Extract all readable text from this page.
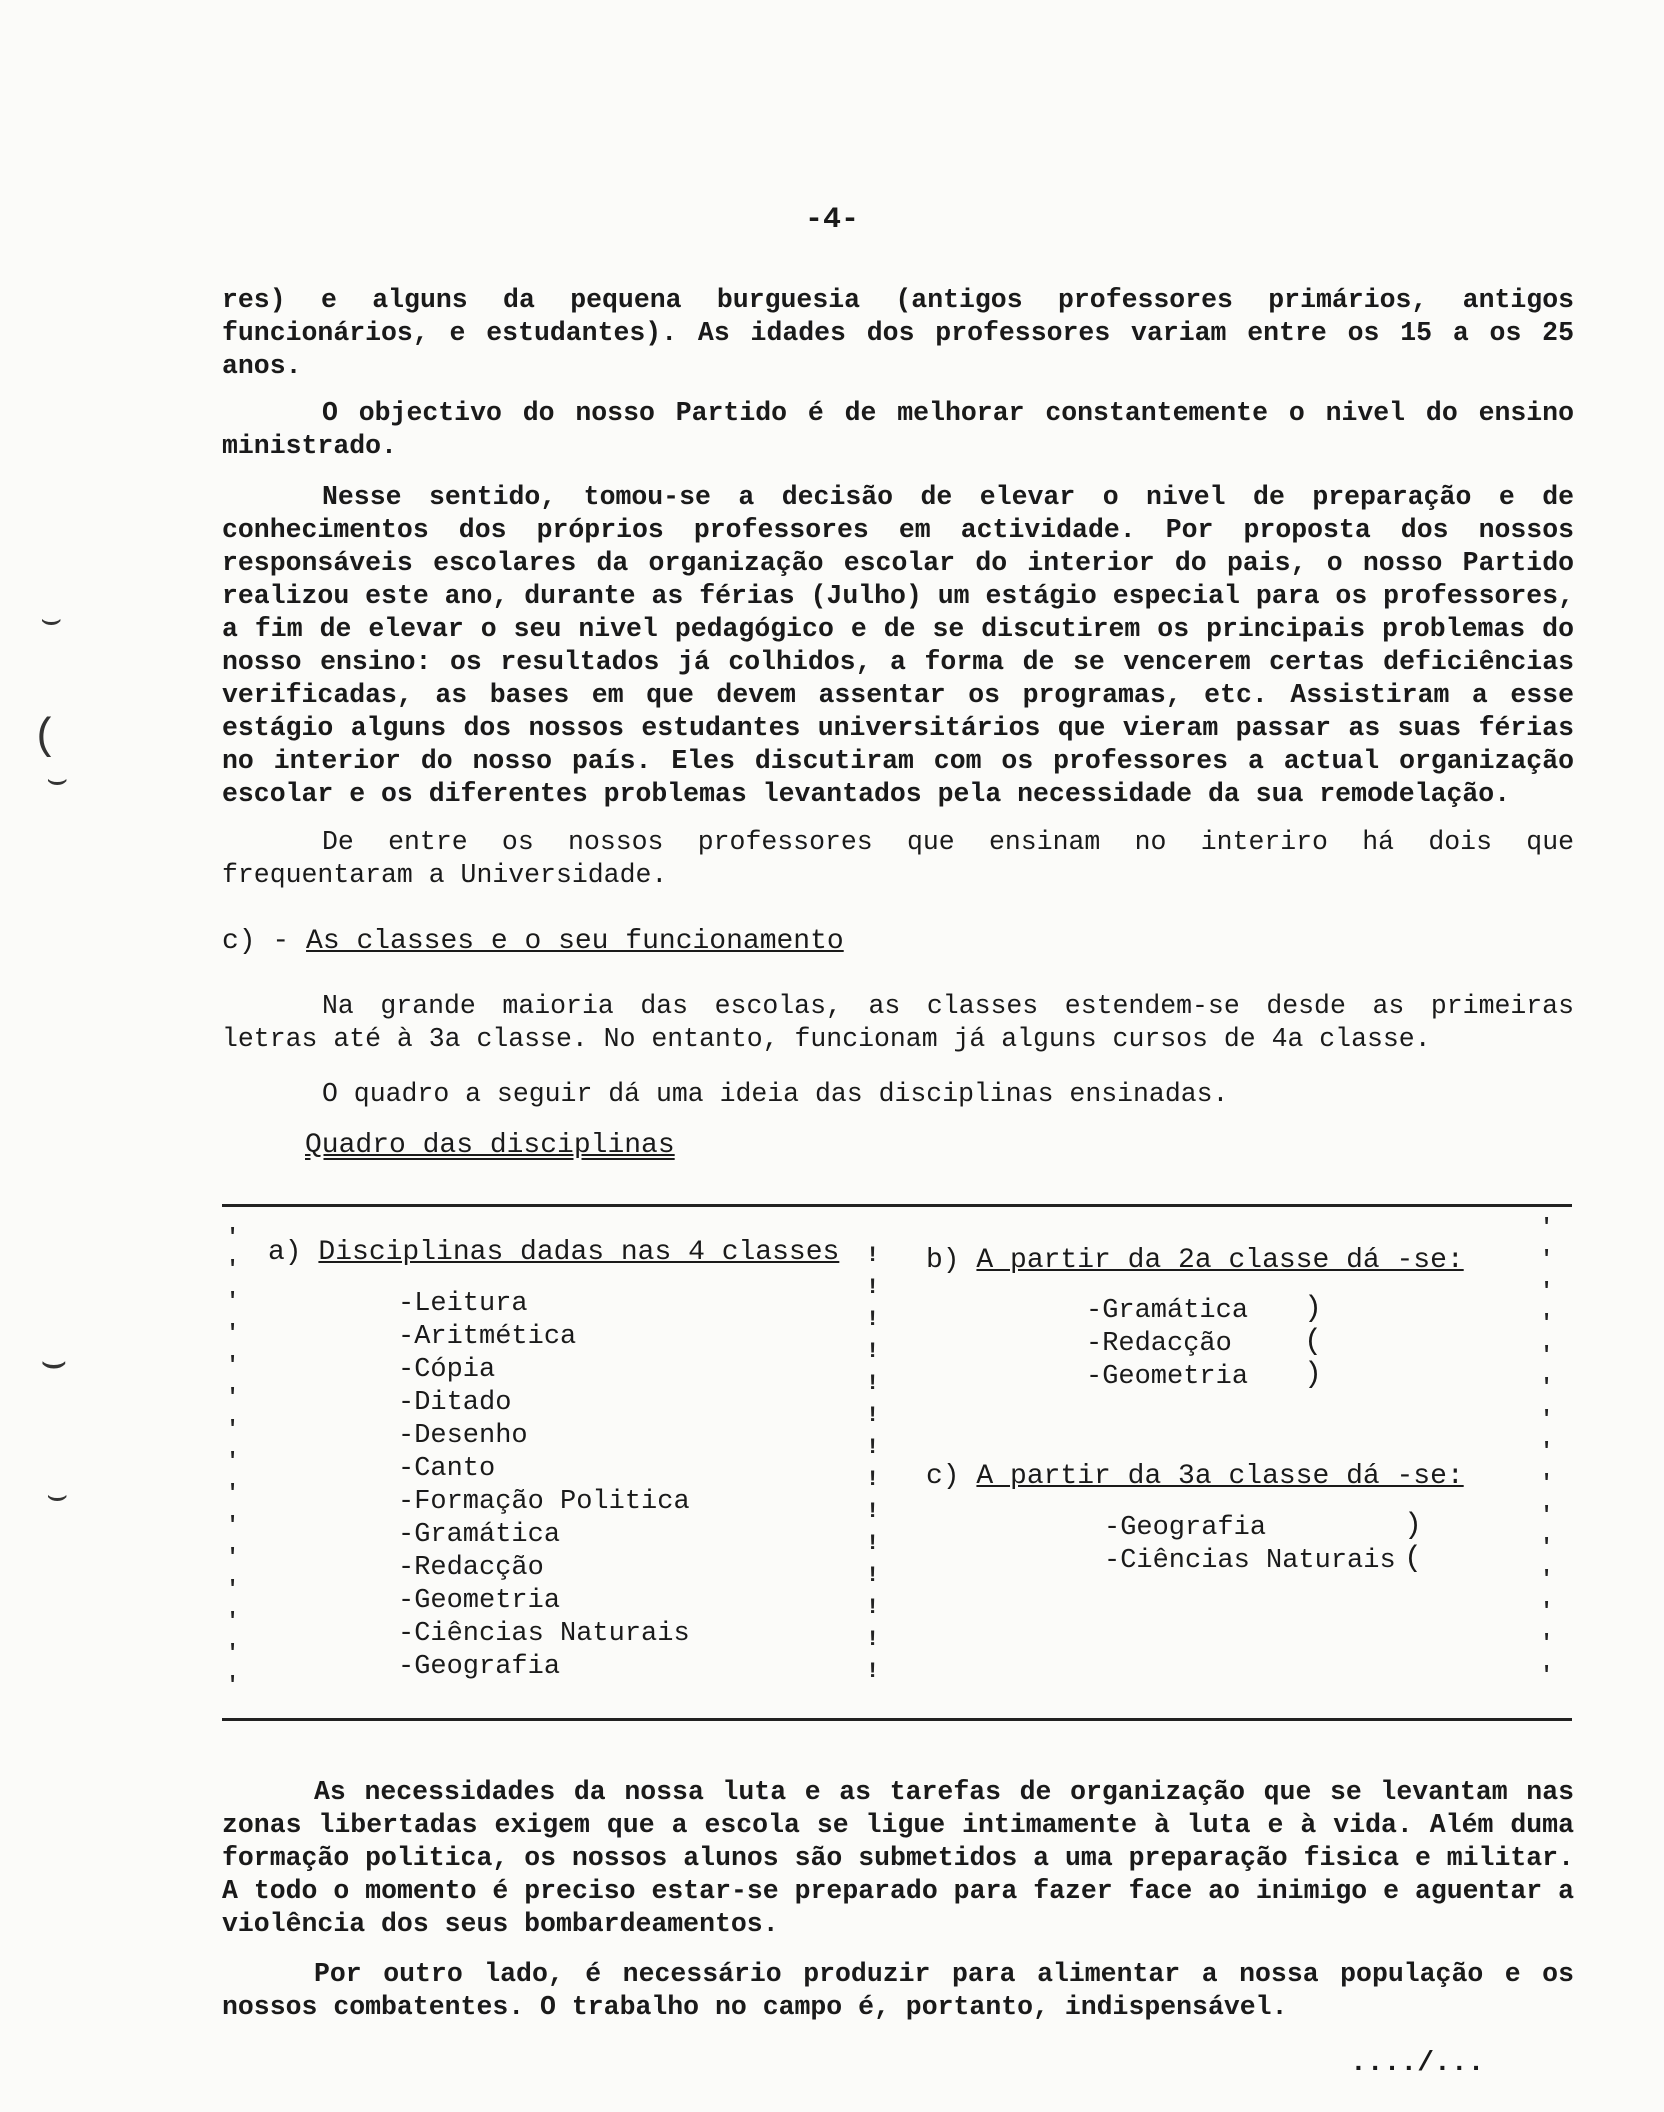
⌣
(
⌣
⌣
⌣
-4-

res) e alguns da pequena burguesia (antigos professores primários, antigos funcionários, e estudantes). As idades dos professores variam entre os 15 a os 25 anos.

O objectivo do nosso Partido é de melhorar constantemente o nivel do ensino ministrado.

Nesse sentido, tomou-se a decisão de elevar o nivel de preparação e de conhecimentos dos próprios professores em actividade. Por proposta dos nossos responsáveis escolares da organização escolar do interior do pais, o nosso Partido realizou este ano, durante as férias (Julho) um estágio especial para os professores, a fim de elevar o seu nivel pedagógico e de se discutirem os principais problemas do nosso ensino: os resultados já colhidos, a forma de se vencerem certas deficiências verificadas, as bases em que devem assentar os programas, etc. Assistiram a esse estágio alguns dos nossos estudantes universitários que vieram passar as suas férias no interior do nosso país. Eles discutiram com os professores a actual organização escolar e os diferentes problemas levantados pela necessidade da sua remodelação.

De entre os nossos professores que ensinam no interiro há dois que frequentaram a Universidade.
c) - As classes e o seu funcionamento
Na grande maioria das escolas, as classes estendem-se desde as primeiras letras até à 3a classe. No entanto, funcionam já alguns cursos de 4a classe.
O quadro a seguir dá uma ideia das disciplinas ensinadas.
Quadro das disciplinas
'
'
'
'
'
'
'
'
'
'
'
'
'
'
'

!
!
!
!
!
!
!
!
!
!
!
!
!
!

'
'
'
'
'
'
'
'
'
'
'
'
'
'
'

a) Disciplinas dadas nas 4 classes
-Leitura
-Aritmética
-Cópia
-Ditado
-Desenho
-Canto
-Formação Politica
-Gramática
-Redacção
-Geometria
-Ciências Naturais
-Geografia
b) A partir da 2a classe dá -se:
-Gramática
-Redacção
-Geometria
)
(
)
c) A partir da 3a classe dá -se:
-Geografia
-Ciências Naturais
)
(
As necessidades da nossa luta e as tarefas de organização que se levantam nas zonas libertadas exigem que a escola se ligue intimamente à luta e à vida. Além duma formação politica, os nossos alunos são submetidos a uma preparação fisica e militar. A todo o momento é preciso estar-se preparado para fazer face ao inimigo e aguentar a violência dos seus bombardeamentos.
Por outro lado, é necessário produzir para alimentar a nossa população e os nossos combatentes. O trabalho no campo é, portanto, indispensável.
..../...
